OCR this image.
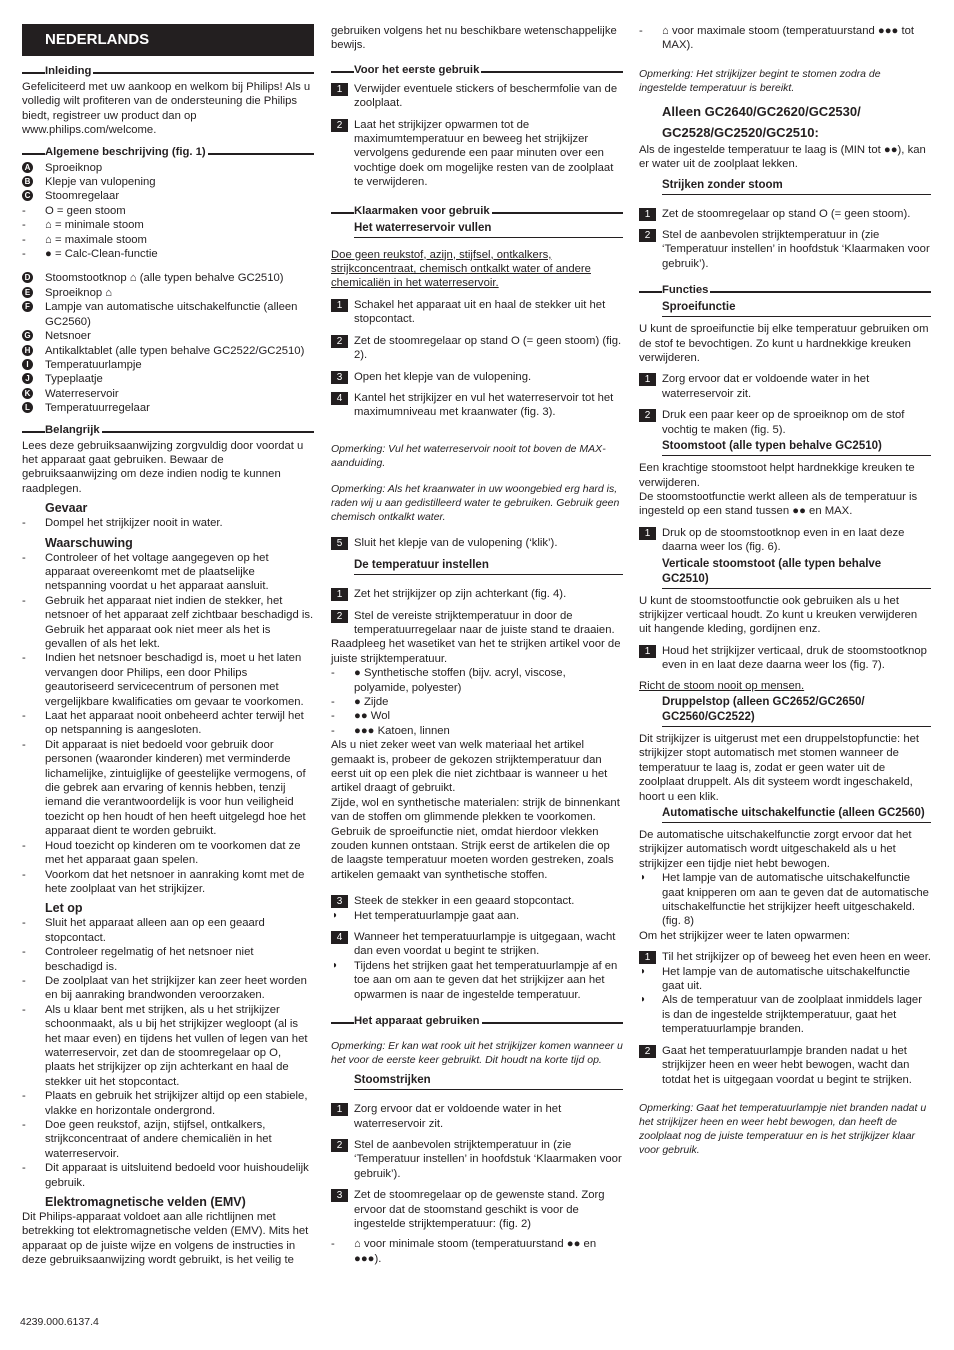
NEDERLANDS
Inleiding

Gefeliciteerd met uw aankoop en welkom bij Philips! Als u volledig wilt profiteren van de ondersteuning die Philips biedt, registreer uw product dan op www.philips.com/welcome.

Algemene beschrijving (fig. 1)
A Sproeiknop
B Klepje van vulopening
C Stoomregelaar
- O = geen stoom
- ⌂ = minimale stoom
- ⌂ = maximale stoom
- ● = Calc-Clean-functie
D Stoomstootknop ⌂ (alle typen behalve GC2510)
E Sproeiknop ⌂
F Lampje van automatische uitschakelfunctie (alleen GC2560)
G Netsnoer
H Antikalktablet (alle typen behalve GC2522/GC2510)
I	Temperatuurlampje
J Typeplaatje
K Waterreservoir
L Temperatuurregelaar
Belangrijk

Lees deze gebruiksaanwijzing zorgvuldig door voordat u het apparaat gaat gebruiken. Bewaar de gebruiksaanwijzing om deze indien nodig te kunnen raadplegen.

Gevaar
- Dompel het strijkijzer nooit in water.
Waarschuwing
- Controleer of het voltage aangegeven op het apparaat overeenkomt met de plaatselijke netspanning voordat u het apparaat aansluit.
- Gebruik het apparaat niet indien de stekker, het netsnoer of het apparaat zelf zichtbaar beschadigd is. Gebruik het apparaat ook niet meer als het is gevallen of als het lekt.
- Indien het netsnoer beschadigd is, moet u het laten vervangen door Philips, een door Philips geautoriseerd servicecentrum of personen met vergelijkbare kwalificaties om gevaar te voorkomen.
- Laat het apparaat nooit onbeheerd achter terwijl het op netspanning is aangesloten.
- Dit apparaat is niet bedoeld voor gebruik door personen (waaronder kinderen) met verminderde lichamelijke, zintuiglijke of geestelijke vermogens, of die gebrek aan ervaring of kennis hebben, tenzij iemand die verantwoordelijk is voor hun veiligheid toezicht op hen houdt of hen heeft uitgelegd hoe het apparaat dient te worden gebruikt.
- Houd toezicht op kinderen om te voorkomen dat ze met het apparaat gaan spelen.
- Voorkom dat het netsnoer in aanraking komt met de hete zoolplaat van het strijkijzer.
Let op
- Sluit het apparaat alleen aan op een geaard stopcontact.
- Controleer regelmatig of het netsnoer niet beschadigd is.
- De zoolplaat van het strijkijzer kan zeer heet worden en bij aanraking brandwonden veroorzaken.
- Als u klaar bent met strijken, als u het strijkijzer schoonmaakt, als u bij het strijkijzer wegloopt (al is het maar even) en tijdens het vullen of legen van het waterreservoir, zet dan de stoomregelaar op O, plaats het strijkijzer op zijn achterkant en haal de stekker uit het stopcontact.
- Plaats en gebruik het strijkijzer altijd op een stabiele, vlakke en horizontale ondergrond.
- Doe geen reukstof, azijn, stijfsel, ontkalkers, strijkconcentraat of andere chemicaliën in het waterreservoir.
- Dit apparaat is uitsluitend bedoeld voor huishoudelijk gebruik.
Elektromagnetische velden (EMV)

Dit Philips-apparaat voldoet aan alle richtlijnen met betrekking tot elektromagnetische velden (EMV). Mits het apparaat op de juiste wijze en volgens de instructies in deze gebruiksaanwijzing wordt gebruikt, is het veilig te

gebruiken volgens het nu beschikbare wetenschappelijke bewijs.

Voor het eerste gebruik
1	Verwijder eventuele stickers of beschermfolie van de zoolplaat.
2	Laat het strijkijzer opwarmen tot de maximumtemperatuur en beweeg het strijkijzer vervolgens gedurende een paar minuten over een vochtige doek om mogelijke resten van de zoolplaat te verwijderen.
Klaarmaken voor gebruik
Het waterreservoir vullen

Doe geen reukstof, azijn, stijfsel, ontkalkers, strijkconcentraat, chemisch ontkalkt water of andere chemicaliën in het waterreservoir.

1	Schakel het apparaat uit en haal de stekker uit het stopcontact.
2	Zet de stoomregelaar op stand O (= geen stoom) (fig. 2).
3	Open het klepje van de vulopening.
4	Kantel het strijkijzer en vul het waterreservoir tot het maximumniveau met kraanwater (fig. 3).

Opmerking: Vul het waterreservoir nooit tot boven de MAX-aanduiding.

Opmerking: Als het kraanwater in uw woongebied erg hard is, raden wij u aan gedistilleerd water te gebruiken. Gebruik geen chemisch ontkalkt water.

5	Sluit het klepje van de vulopening (‘klik’).
De temperatuur instellen
1	Zet het strijkijzer op zijn achterkant (fig. 4).
2	Stel de vereiste strijktemperatuur in door de temperatuurregelaar naar de juiste stand te draaien.

Raadpleeg het wasetiket van het te strijken artikel voor de juiste strijktemperatuur.

- ● Synthetische stoffen (bijv. acryl, viscose, polyamide, polyester)
- ● Zijde
- ●● Wol
- ●●● Katoen, linnen

Als u niet zeker weet van welk materiaal het artikel gemaakt is, probeer de gekozen strijktemperatuur dan eerst uit op een plek die niet zichtbaar is wanneer u het artikel draagt of gebruikt.

Zijde, wol en synthetische materialen: strijk de binnenkant van de stoffen om glimmende plekken te voorkomen. Gebruik de sproeifunctie niet, omdat hierdoor vlekken zouden kunnen ontstaan. Strijk eerst de artikelen die op de laagste temperatuur moeten worden gestreken, zoals artikelen gemaakt van synthetische stoffen.

3	Steek de stekker in een geaard stopcontact.
◗ Het temperatuurlampje gaat aan.
4	Wanneer het temperatuurlampje is uitgegaan, wacht dan even voordat u begint te strijken.
◗ Tijdens het strijken gaat het temperatuurlampje af en toe aan om aan te geven dat het strijkijzer aan het opwarmen is naar de ingestelde temperatuur.
Het apparaat gebruiken

Opmerking: Er kan wat rook uit het strijkijzer komen wanneer u het voor de eerste keer gebruikt. Dit houdt na korte tijd op.

Stoomstrijken
1	Zorg ervoor dat er voldoende water in het waterreservoir zit.
2	Stel de aanbevolen strijktemperatuur in (zie ‘Temperatuur instellen’ in hoofdstuk ‘Klaarmaken voor gebruik’).
3	Zet de stoomregelaar op de gewenste stand. Zorg ervoor dat de stoomstand geschikt is voor de ingestelde strijktemperatuur: (fig. 2)
- ⌂ voor minimale stoom (temperatuurstand ●● en ●●●).
- ⌂ voor maximale stoom (temperatuurstand ●●● tot MAX).

Opmerking: Het strijkijzer begint te stomen zodra de ingestelde temperatuur is bereikt.

Alleen GC2640/GC2620/GC2530/ GC2528/GC2520/GC2510:

Als de ingestelde temperatuur te laag is (MIN tot ●●), kan er water uit de zoolplaat lekken.

Strijken zonder stoom
1	Zet de stoomregelaar op stand O (= geen stoom).
2	Stel de aanbevolen strijktemperatuur in (zie ‘Temperatuur instellen’ in hoofdstuk ‘Klaarmaken voor gebruik’).
Functies
Sproeifunctie

U kunt de sproeifunctie bij elke temperatuur gebruiken om de stof te bevochtigen. Zo kunt u hardnekkige kreuken verwijderen.

1	Zorg ervoor dat er voldoende water in het waterreservoir zit.
2	Druk een paar keer op de sproeiknop om de stof vochtig te maken (fig. 5).
Stoomstoot (alle typen behalve GC2510)

Een krachtige stoomstoot helpt hardnekkige kreuken te verwijderen.

De stoomstootfunctie werkt alleen als de temperatuur is ingesteld op een stand tussen ●● en MAX.

1	Druk op de stoomstootknop even in en laat deze daarna weer los (fig. 6).
Verticale stoomstoot (alle typen behalve GC2510)

U kunt de stoomstootfunctie ook gebruiken als u het strijkijzer verticaal houdt. Zo kunt u kreuken verwijderen uit hangende kleding, gordijnen enz.

1	Houd het strijkijzer verticaal, druk de stoomstootknop even in en laat deze daarna weer los (fig. 7).

Richt de stoom nooit op mensen.

Druppelstop (alleen GC2652/GC2650/ GC2560/GC2522)

Dit strijkijzer is uitgerust met een druppelstopfunctie: het strijkijzer stopt automatisch met stomen wanneer de temperatuur te laag is, zodat er geen water uit de zoolplaat druppelt. Als dit systeem wordt ingeschakeld, hoort u een klik.

Automatische uitschakelfunctie (alleen GC2560)

De automatische uitschakelfunctie zorgt ervoor dat het strijkijzer automatisch wordt uitgeschakeld als u het strijkijzer een tijdje niet hebt bewogen.

◗ Het lampje van de automatische uitschakelfunctie gaat knipperen om aan te geven dat de automatische uitschakelfunctie het strijkijzer heeft uitgeschakeld. (fig. 8)

Om het strijkijzer weer te laten opwarmen:

1	Til het strijkijzer op of beweeg het even heen en weer.
◗ Het lampje van de automatische uitschakelfunctie gaat uit.
◗ Als de temperatuur van de zoolplaat inmiddels lager is dan de ingestelde strijktemperatuur, gaat het temperatuurlampje branden.
2	Gaat het temperatuurlampje branden nadat u het strijkijzer heen en weer hebt bewogen, wacht dan totdat het is uitgegaan voordat u begint te strijken.

Opmerking: Gaat het temperatuurlampje niet branden nadat u het strijkijzer heen en weer hebt bewogen, dan heeft de zoolplaat nog de juiste temperatuur en is het strijkijzer klaar voor gebruik.

4239.000.6137.4
